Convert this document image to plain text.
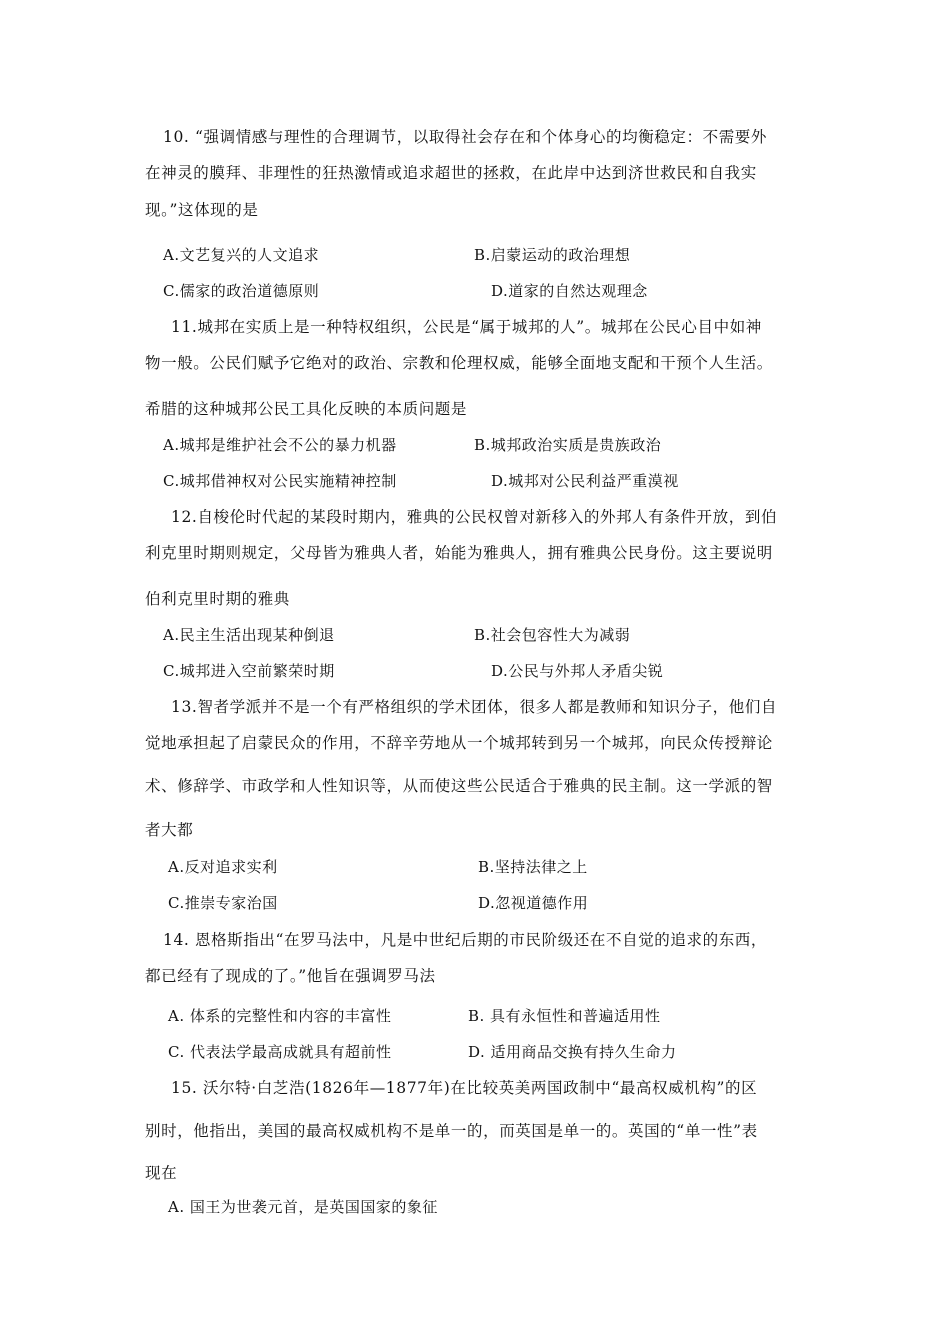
10. “强调情感与理性的合理调节，以取得社会存在和个体身心的均衡稳定：不需要外
在神灵的膜拜、非理性的狂热激情或追求超世的拯救，在此岸中达到济世救民和自我实
现。”这体现的是
A.文艺复兴的人文追求	B.启蒙运动的政治理想
C.儒家的政治道德原则	D.道家的自然达观理念
11.城邦在实质上是一种特权组织，公民是“属于城邦的人”。城邦在公民心目中如神
物一般。公民们赋予它绝对的政治、宗教和伦理权威，能够全面地支配和干预个人生活。
希腊的这种城邦公民工具化反映的本质问题是
A.城邦是维护社会不公的暴力机器	B.城邦政治实质是贵族政治
C.城邦借神权对公民实施精神控制	D.城邦对公民利益严重漠视
12.自梭伦时代起的某段时期内，雅典的公民权曾对新移入的外邦人有条件开放，到伯
利克里时期则规定，父母皆为雅典人者，始能为雅典人，拥有雅典公民身份。这主要说明
伯利克里时期的雅典
A.民主生活出现某种倒退	B.社会包容性大为减弱
C.城邦进入空前繁荣时期	D.公民与外邦人矛盾尖锐
13.智者学派并不是一个有严格组织的学术团体，很多人都是教师和知识分子，他们自
觉地承担起了启蒙民众的作用，不辞辛劳地从一个城邦转到另一个城邦，向民众传授辩论
术、修辞学、市政学和人性知识等，从而使这些公民适合于雅典的民主制。这一学派的智
者大都
A.反对追求实利	B.坚持法律之上
C.推崇专家治国	D.忽视道德作用
14. 恩格斯指出“在罗马法中，凡是中世纪后期的市民阶级还在不自觉的追求的东西，
都已经有了现成的了。”他旨在强调罗马法
A. 体系的完整性和内容的丰富性	B. 具有永恒性和普遍适用性
C. 代表法学最高成就具有超前性	D. 适用商品交换有持久生命力
15. 沃尔特·白芝浩(1826年—1877年)在比较英美两国政制中“最高权威机构”的区
别时，他指出，美国的最高权威机构不是单一的，而英国是单一的。英国的“单一性”表
现在
A. 国王为世袭元首，是英国国家的象征
